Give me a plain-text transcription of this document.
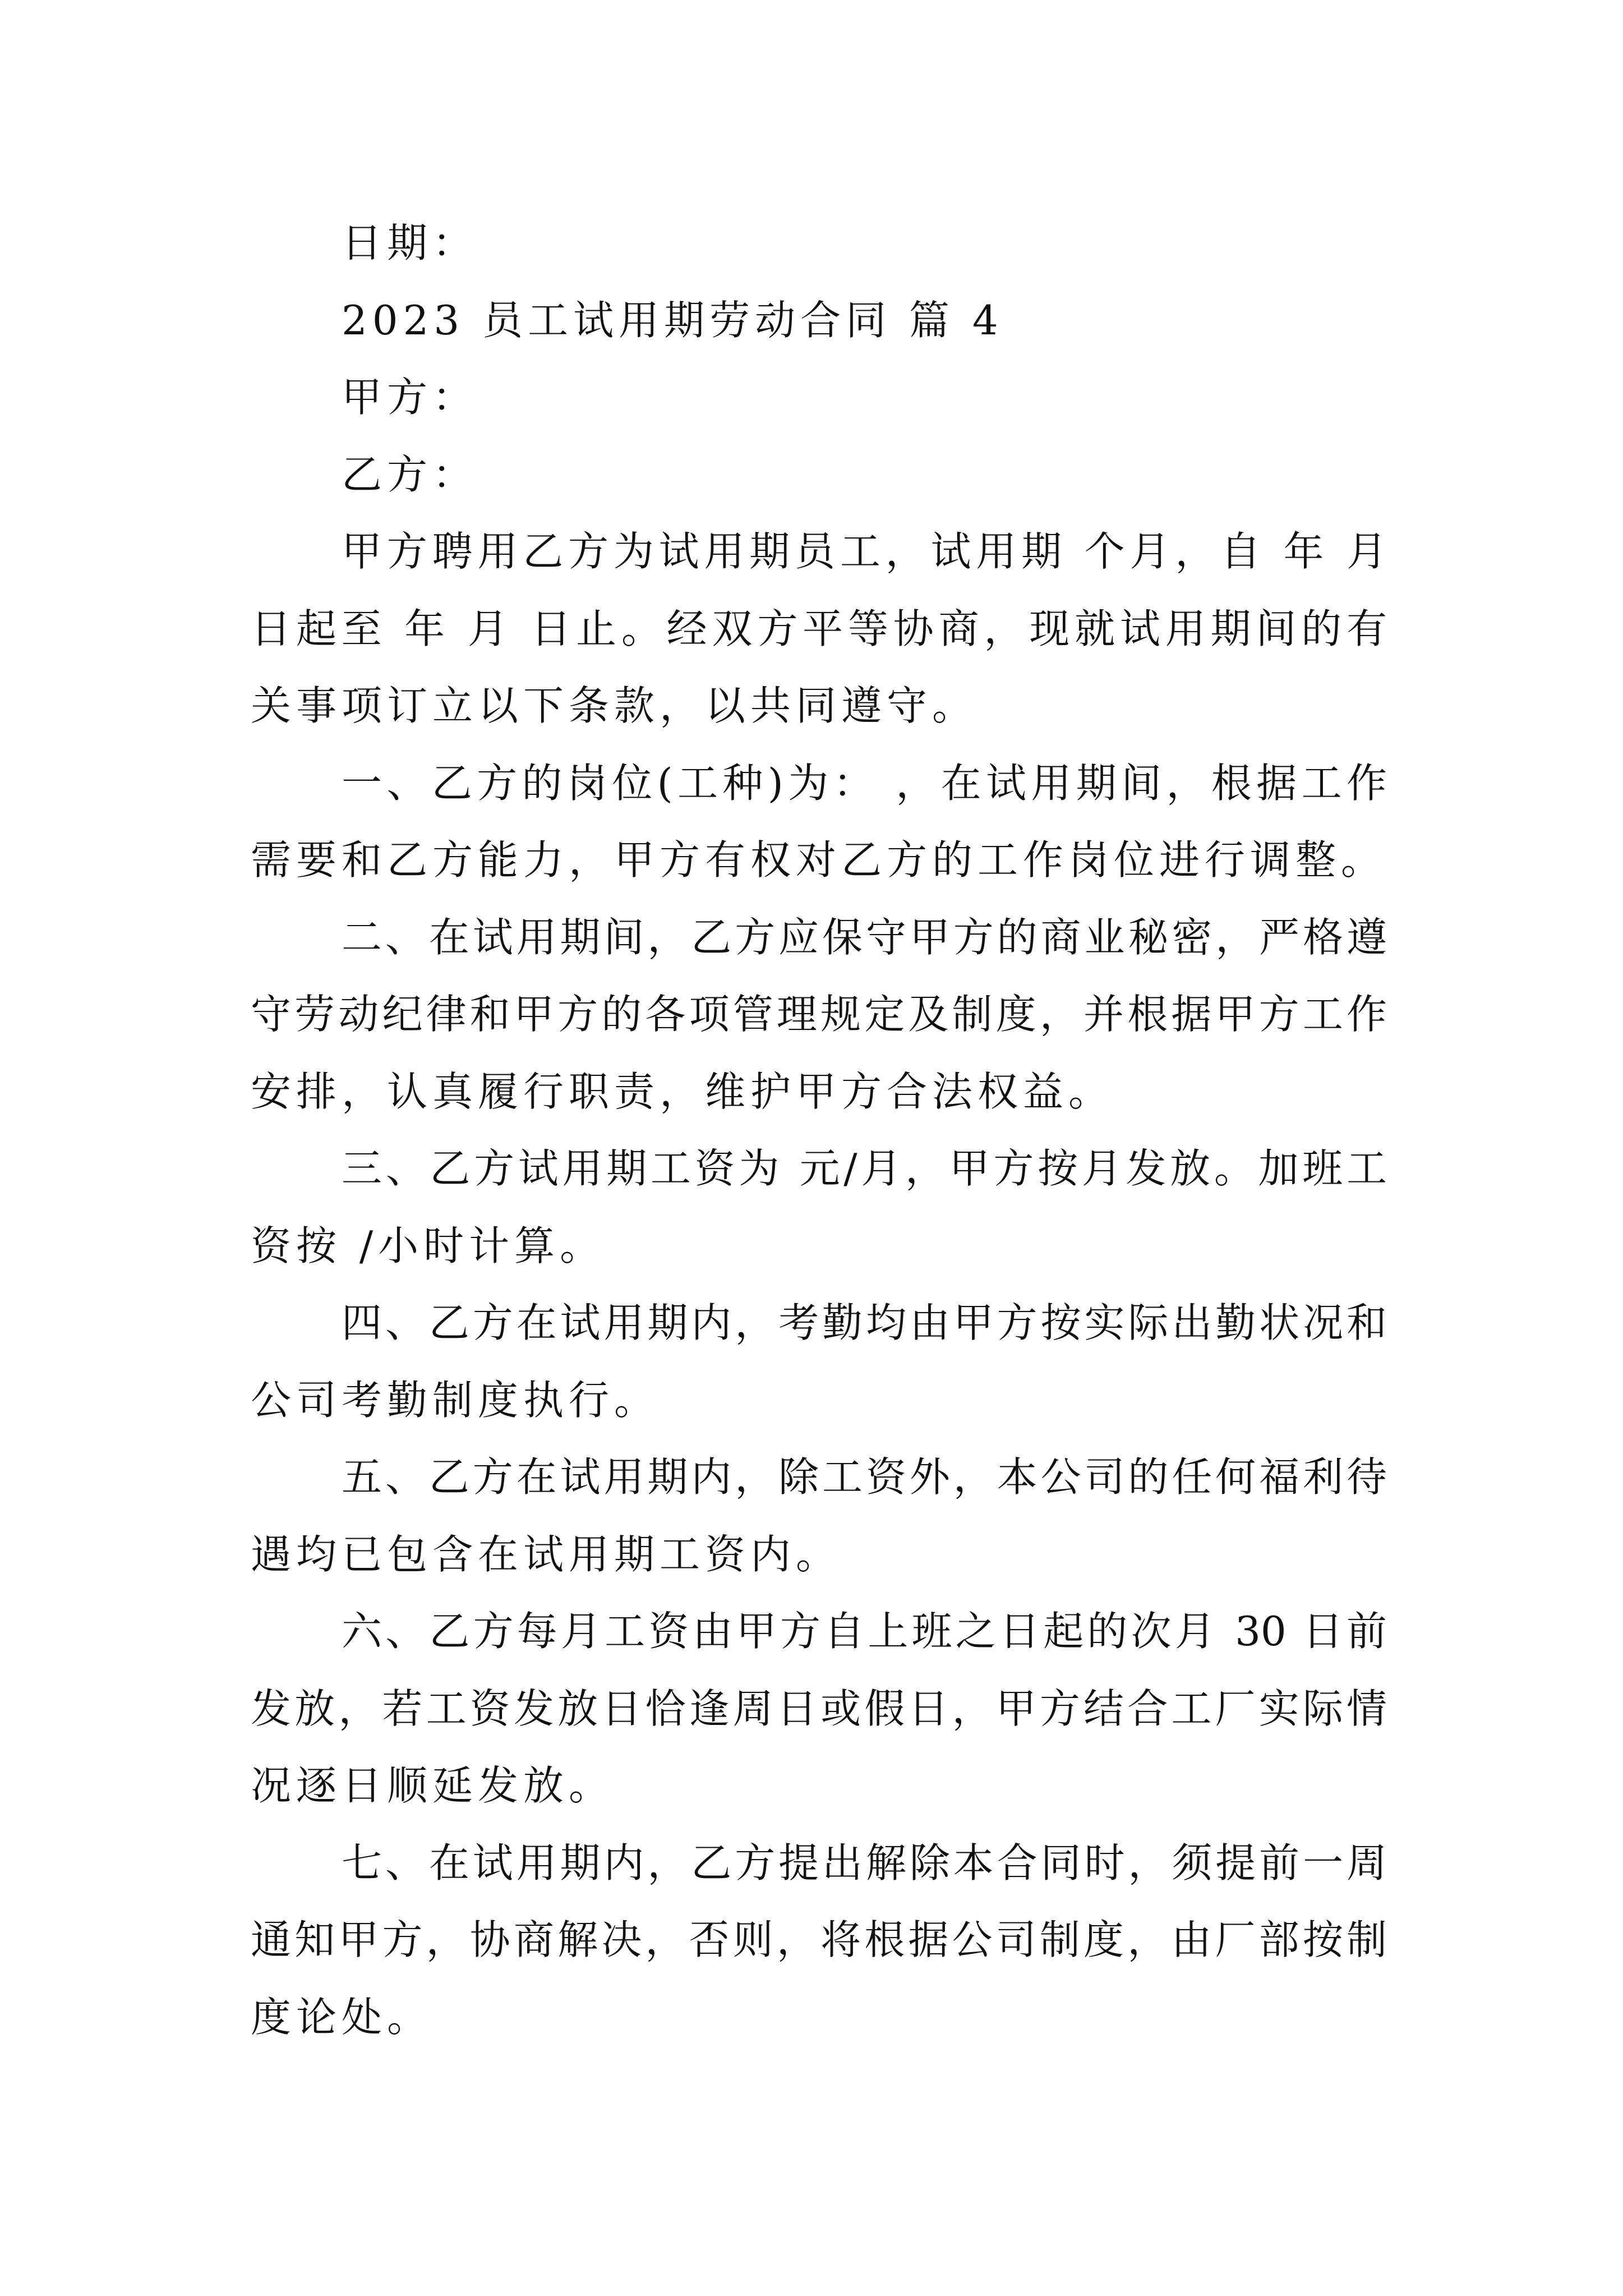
日期：
2023 员工试用期劳动合同 篇 4
甲方：
乙方：
甲方聘用乙方为试用期员工，试用期 个月，自 年 月
日起至 年 月 日止。经双方平等协商，现就试用期间的有
关事项订立以下条款，以共同遵守。
一、乙方的岗位(工种)为： ，在试用期间，根据工作
需要和乙方能力，甲方有权对乙方的工作岗位进行调整。
二、在试用期间，乙方应保守甲方的商业秘密，严格遵
守劳动纪律和甲方的各项管理规定及制度，并根据甲方工作
安排，认真履行职责，维护甲方合法权益。
三、乙方试用期工资为 元/月，甲方按月发放。加班工
资按 /小时计算。
四、乙方在试用期内，考勤均由甲方按实际出勤状况和
公司考勤制度执行。
五、乙方在试用期内，除工资外，本公司的任何福利待
遇均已包含在试用期工资内。
六、乙方每月工资由甲方自上班之日起的次月 30 日前
发放，若工资发放日恰逢周日或假日，甲方结合工厂实际情
况逐日顺延发放。
七、在试用期内，乙方提出解除本合同时，须提前一周
通知甲方，协商解决，否则，将根据公司制度，由厂部按制
度论处。
